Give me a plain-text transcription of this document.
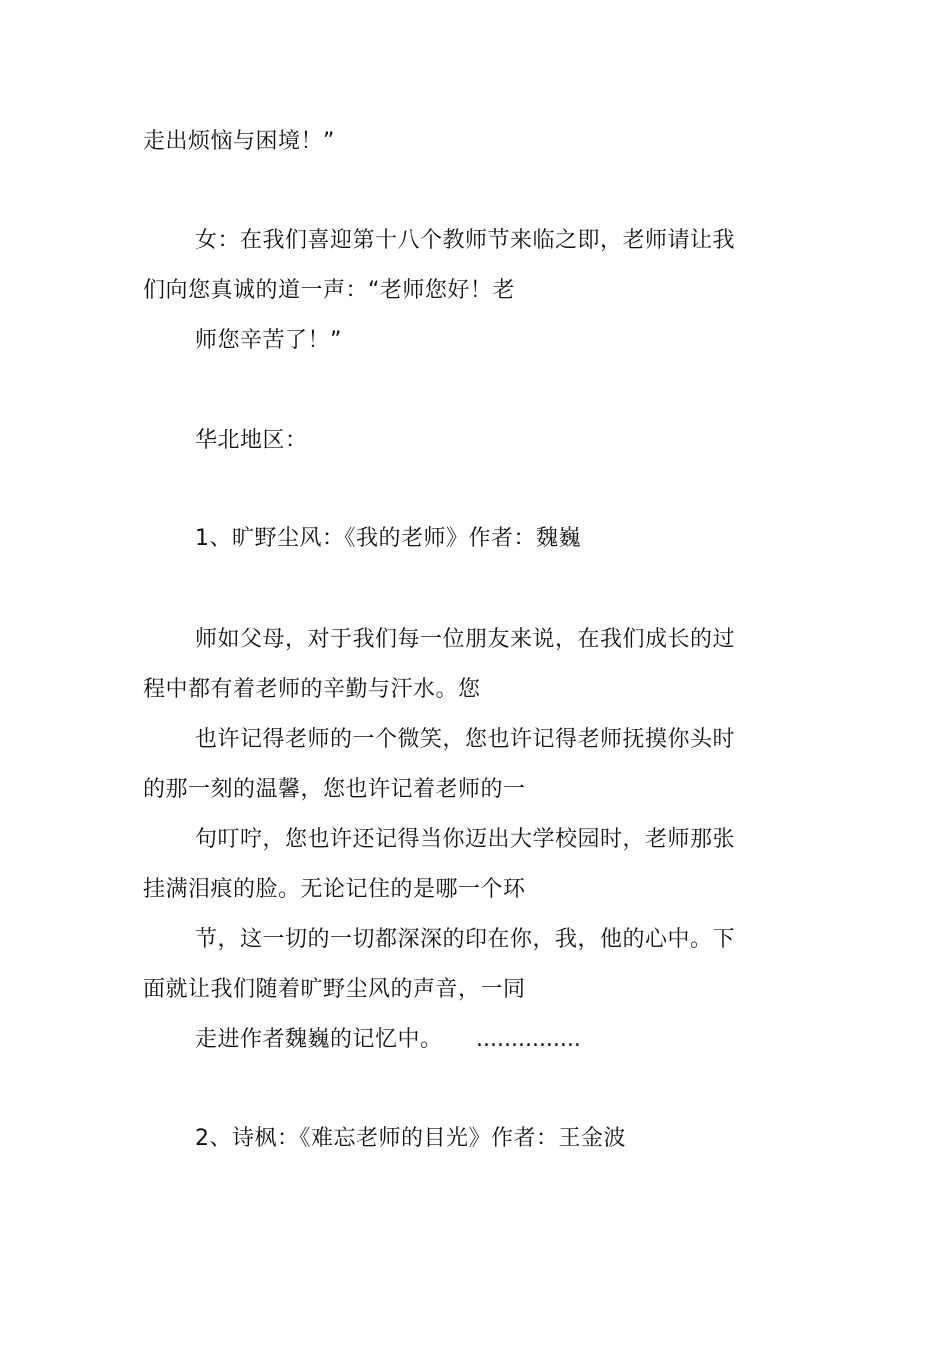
走出烦恼与困境！”
女：在我们喜迎第十八个教师节来临之即，老师请让我
们向您真诚的道一声：“老师您好！老
师您辛苦了！”
华北地区：
1、旷野尘风：《我的老师》作者：魏巍
师如父母，对于我们每一位朋友来说，在我们成长的过
程中都有着老师的辛勤与汗水。您
也许记得老师的一个微笑，您也许记得老师抚摸你头时
的那一刻的温馨，您也许记着老师的一
句叮咛，您也许还记得当你迈出大学校园时，老师那张
挂满泪痕的脸。无论记住的是哪一个环
节，这一切的一切都深深的印在你，我，他的心中。下
面就让我们随着旷野尘风的声音，一同
走进作者魏巍的记忆中。 ...............
2、诗枫：《难忘老师的目光》作者：王金波
